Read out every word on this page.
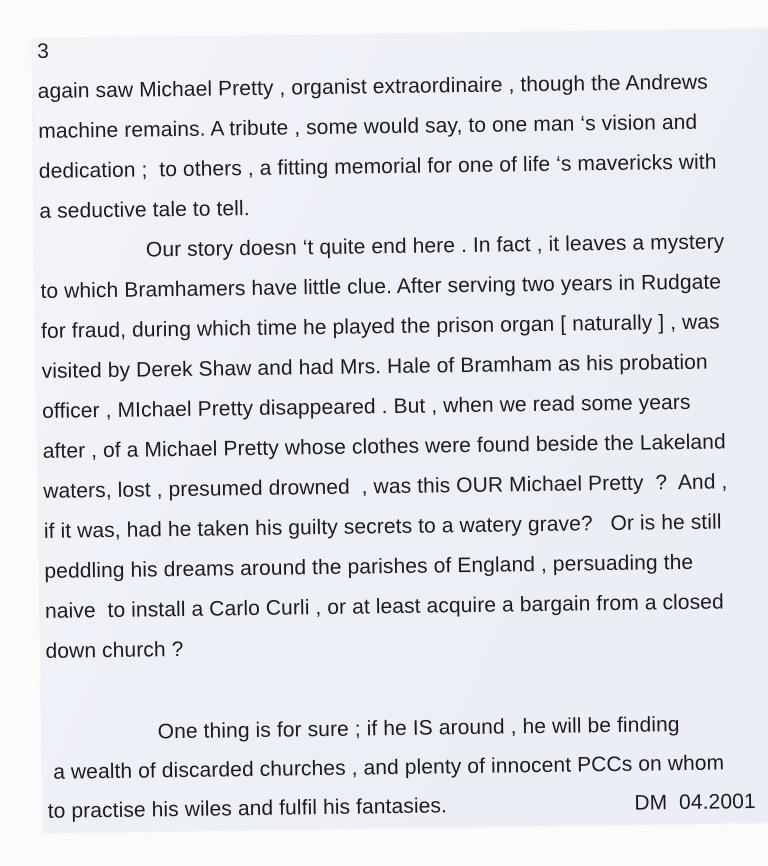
3
again saw Michael Pretty , organist extraordinaire , though the Andrews
machine remains. A tribute , some would say, to one man ‘s vision and
dedication ;  to others , a fitting memorial for one of life ‘s mavericks with
a seductive tale to tell.
Our story doesn ‘t quite end here . In fact , it leaves a mystery
to which Bramhamers have little clue. After serving two years in Rudgate
for fraud, during which time he played the prison organ [ naturally ] , was
visited by Derek Shaw and had Mrs. Hale of Bramham as his probation
officer , MIchael Pretty disappeared . But , when we read some years
after , of a Michael Pretty whose clothes were found beside the Lakeland
waters, lost , presumed drowned  , was this OUR Michael Pretty  ?  And ,
if it was, had he taken his guilty secrets to a watery grave?   Or is he still
peddling his dreams around the parishes of England , persuading the
naive  to install a Carlo Curli , or at least acquire a bargain from a closed
down church ?
One thing is for sure ; if he IS around , he will be finding
a wealth of discarded churches , and plenty of innocent PCCs on whom
to practise his wiles and fulfil his fantasies.	DM  04.2001
